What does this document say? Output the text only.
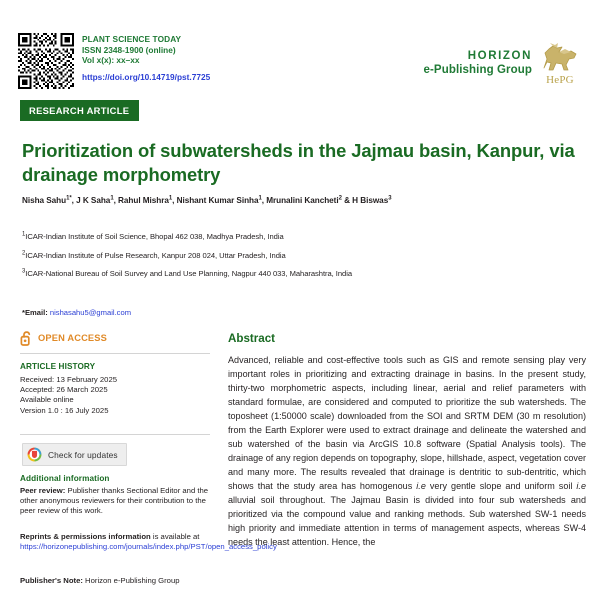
PLANT SCIENCE TODAY
ISSN 2348-1900 (online)
Vol x(x): xx–xx
https://doi.org/10.14719/pst.7725
HORIZON
e-Publishing Group
HePG
RESEARCH ARTICLE
Prioritization of subwatersheds in the Jajmau basin, Kanpur, via drainage morphometry
Nisha Sahu$^{1*}$, J K Saha$^1$, Rahul Mishra$^1$, Nishant Kumar Sinha$^1$, Mrunalini Kancheti$^2$ & H Biswas$^3$
$^1$ICAR-Indian Institute of Soil Science, Bhopal 462 038, Madhya Pradesh, India
$^2$ICAR-Indian Institute of Pulse Research, Kanpur 208 024, Uttar Pradesh, India
$^3$ICAR-National Bureau of Soil Survey and Land Use Planning, Nagpur 440 033, Maharashtra, India
*Email: nishasahu5@gmail.com
OPEN ACCESS
ARTICLE HISTORY
Received: 13 February 2025
Accepted: 26 March 2025
Available online
Version 1.0 : 16 July 2025
Check for updates
Additional information
Peer review: Publisher thanks Sectional Editor and the other anonymous reviewers for their contribution to the peer review of this work.
Reprints & permissions information is available at https://horizonepublishing.com/journals/index.php/PST/open_access_policy
Publisher's Note: Horizon e-Publishing Group
Abstract
Advanced, reliable and cost-effective tools such as GIS and remote sensing play very important roles in prioritizing and extracting drainage in basins. In the present study, thirty-two morphometric aspects, including linear, aerial and relief parameters with standard formulae, are considered and computed to prioritize the sub watersheds. The toposheet (1:50000 scale) downloaded from the SOI and SRTM DEM (30 m resolution) from the Earth Explorer were used to extract drainage and delineate the watershed and sub watershed of the basin via ArcGIS 10.8 software (Spatial Analysis tools). The drainage of any region depends on topography, slope, hillshade, aspect, vegetation cover and many more. The results revealed that drainage is dentritic to sub-dentritic, which shows that the study area has homogenous i.e very gentle slope and uniform soil i.e alluvial soil throughout. The Jajmau Basin is divided into four sub watersheds and prioritized via the compound value and ranking methods. Sub watershed SW-1 needs high priority and immediate attention in terms of management aspects, whereas SW-4 needs the least attention. Hence, the
